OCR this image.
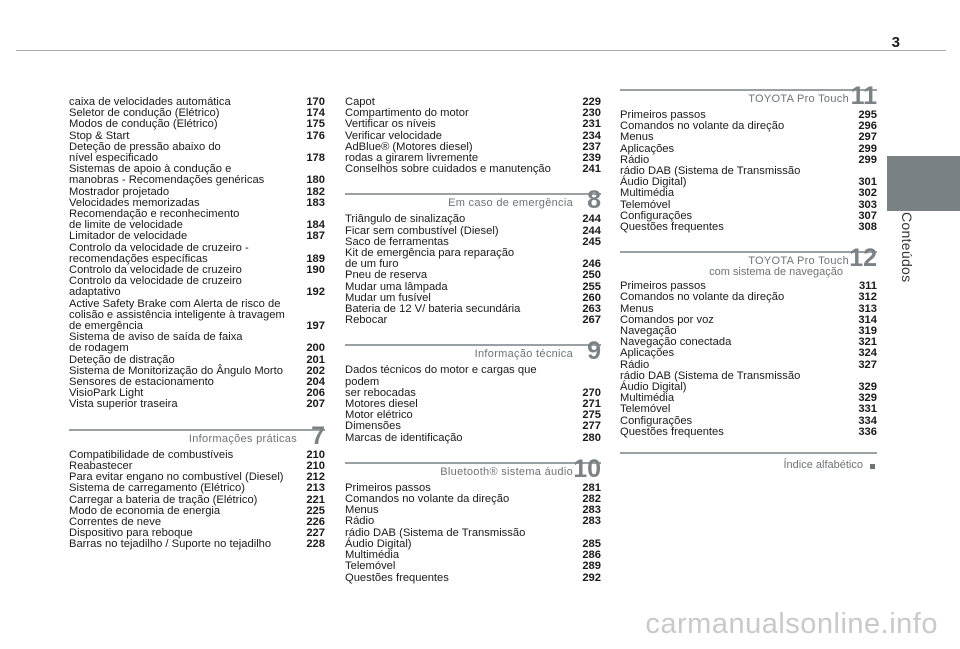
3
Conteúdos
caixa de velocidades automática	170
Seletor de condução (Elétrico)	174
Modos de condução (Elétrico)	175
Stop & Start	176
Deteção de pressão abaixo do
nível especificado	178
Sistemas de apoio à condução e
manobras - Recomendações genéricas	180
Mostrador projetado	182
Velocidades memorizadas	183
Recomendação e reconhecimento
de limite de velocidade	184
Limitador de velocidade	187
Controlo da velocidade de cruzeiro -
recomendações específicas	189
Controlo da velocidade de cruzeiro	190
Controlo da velocidade de cruzeiro
adaptativo	192
Active Safety Brake com Alerta de risco de
colisão e assistência inteligente à travagem
de emergência	197
Sistema de aviso de saída de faixa
de rodagem	200
Deteção de distração	201
Sistema de Monitorização do Ângulo Morto	202
Sensores de estacionamento	204
VisioPark Light	206
Vista superior traseira	207
Informações práticas 7
Compatibilidade de combustíveis	210
Reabastecer	210
Para evitar engano no combustível (Diesel)	212
Sistema de carregamento (Elétrico)	213
Carregar a bateria de tração (Elétrico)	221
Modo de economia de energia	225
Correntes de neve	226
Dispositivo para reboque	227
Barras no tejadilho / Suporte no tejadilho	228
Capot	229
Compartimento do motor	230
Vertificar os níveis	231
Verificar velocidade	234
AdBlue® (Motores diesel)	237
rodas a girarem livremente	239
Conselhos sobre cuidados e manutenção	241
Em caso de emergência 8
Triângulo de sinalização	244
Ficar sem combustível (Diesel)	244
Saco de ferramentas	245
Kit de emergência para reparação
de um furo	246
Pneu de reserva	250
Mudar uma lâmpada	255
Mudar um fusível	260
Bateria de 12 V/ bateria secundária	263
Rebocar	267
Informação técnica 9
Dados técnicos do motor e cargas que podem
ser rebocadas	270
Motores diesel	271
Motor elétrico	275
Dimensões	277
Marcas de identificação	280
Bluetooth® sistema áudio 10
Primeiros passos	281
Comandos no volante da direção	282
Menus	283
Rádio	283
rádio DAB (Sistema de Transmissão
Áudio Digital)	285
Multimédia	286
Telemóvel	289
Questões frequentes	292
TOYOTA Pro Touch 11
Primeiros passos	295
Comandos no volante da direção	296
Menus	297
Aplicações	299
Rádio	299
rádio DAB (Sistema de Transmissão
Áudio Digital)	301
Multimédia	302
Telemóvel	303
Configurações	307
Questões frequentes	308
TOYOTA Pro Touch
com sistema de navegação 12
Primeiros passos	311
Comandos no volante da direção	312
Menus	313
Comandos por voz	314
Navegação	319
Navegação conectada	321
Aplicações	324
Rádio	327
rádio DAB (Sistema de Transmissão
Áudio Digital)	329
Multimédia	329
Telemóvel	331
Configurações	334
Questões frequentes	336
Índice alfabético
carmanualsonline.info
